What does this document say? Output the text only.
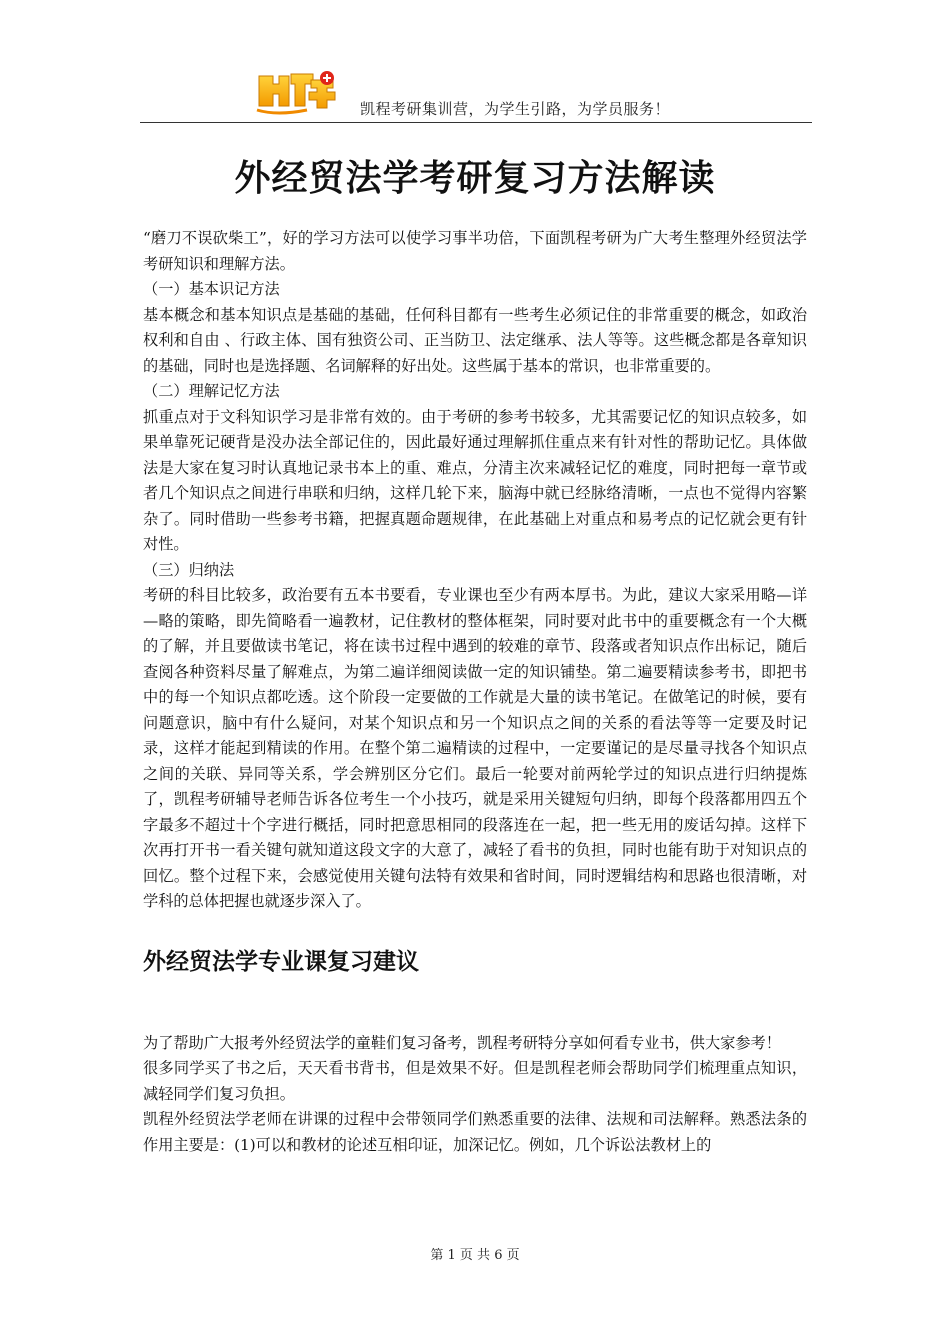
凯程考研集训营，为学生引路，为学员服务！
外经贸法学考研复习方法解读

“磨刀不误砍柴工”，好的学习方法可以使学习事半功倍，下面凯程考研为广大考生整理外经贸法学考研知识和理解方法。

（一）基本识记方法

基本概念和基本知识点是基础的基础，任何科目都有一些考生必须记住的非常重要的概念，如政治权利和自由 、行政主体、国有独资公司、正当防卫、法定继承、法人等等。这些概念都是各章知识的基础，同时也是选择题、名词解释的好出处。这些属于基本的常识，也非常重要的。

（二）理解记忆方法

抓重点对于文科知识学习是非常有效的。由于考研的参考书较多，尤其需要记忆的知识点较多，如果单靠死记硬背是没办法全部记住的，因此最好通过理解抓住重点来有针对性的帮助记忆。具体做法是大家在复习时认真地记录书本上的重、难点，分清主次来减轻记忆的难度，同时把每一章节或者几个知识点之间进行串联和归纳，这样几轮下来，脑海中就已经脉络清晰，一点也不觉得内容繁杂了。同时借助一些参考书籍，把握真题命题规律，在此基础上对重点和易考点的记忆就会更有针对性。

（三）归纳法

考研的科目比较多，政治要有五本书要看，专业课也至少有两本厚书。为此，建议大家采用略—详—略的策略，即先简略看一遍教材，记住教材的整体框架，同时要对此书中的重要概念有一个大概的了解，并且要做读书笔记，将在读书过程中遇到的较难的章节、段落或者知识点作出标记，随后查阅各种资料尽量了解难点，为第二遍详细阅读做一定的知识铺垫。第二遍要精读参考书，即把书中的每一个知识点都吃透。这个阶段一定要做的工作就是大量的读书笔记。在做笔记的时候，要有问题意识，脑中有什么疑问，对某个知识点和另一个知识点之间的关系的看法等等一定要及时记录，这样才能起到精读的作用。在整个第二遍精读的过程中，一定要谨记的是尽量寻找各个知识点之间的关联、异同等关系，学会辨别区分它们。最后一轮要对前两轮学过的知识点进行归纳提炼了，凯程考研辅导老师告诉各位考生一个小技巧，就是采用关键短句归纳，即每个段落都用四五个字最多不超过十个字进行概括，同时把意思相同的段落连在一起，把一些无用的废话勾掉。这样下次再打开书一看关键句就知道这段文字的大意了，减轻了看书的负担，同时也能有助于对知识点的回忆。整个过程下来，会感觉使用关键句法特有效果和省时间，同时逻辑结构和思路也很清晰，对学科的总体把握也就逐步深入了。

外经贸法学专业课复习建议

为了帮助广大报考外经贸法学的童鞋们复习备考，凯程考研特分享如何看专业书，供大家参考！

很多同学买了书之后，天天看书背书，但是效果不好。但是凯程老师会帮助同学们梳理重点知识，减轻同学们复习负担。

凯程外经贸法学老师在讲课的过程中会带领同学们熟悉重要的法律、法规和司法解释。熟悉法条的作用主要是：(1)可以和教材的论述互相印证，加深记忆。例如，几个诉讼法教材上的

第 1 页 共 6 页
